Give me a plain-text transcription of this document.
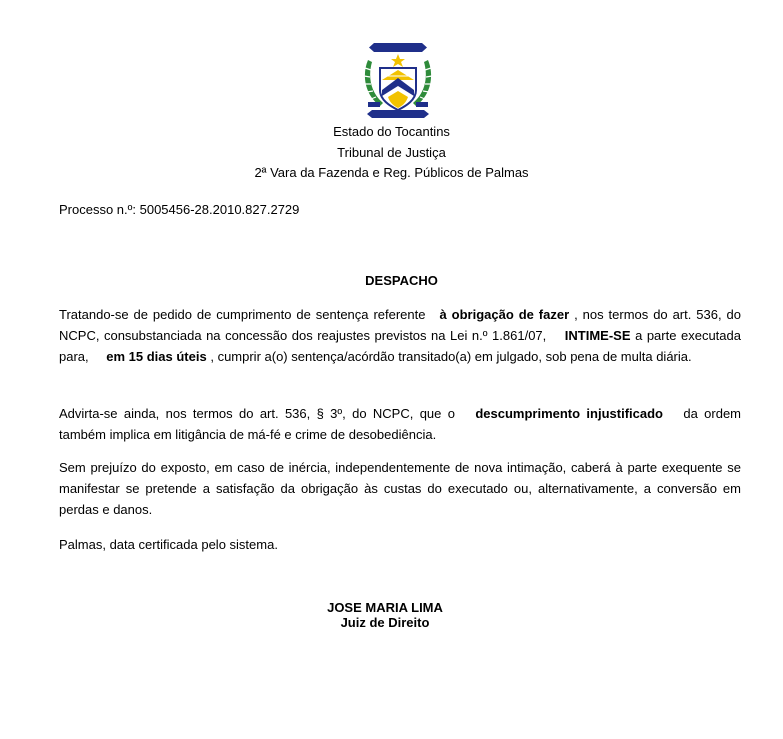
Estado do Tocantins
Tribunal de Justiça
2ª Vara da Fazenda e Reg. Públicos de Palmas
Processo n.º: 5005456-28.2010.827.2729
DESPACHO

Tratando-se de pedido de cumprimento de sentença referente à obrigação de fazer , nos termos do art. 536, do NCPC, consubstanciada na concessão dos reajustes previstos na Lei n.º 1.861/07, INTIME-SE a parte executada para, em 15 dias úteis , cumprir a(o) sentença/acórdão transitado(a) em julgado, sob pena de multa diária.

Advirta-se ainda, nos termos do art. 536, § 3º, do NCPC, que o descumprimento injustificado da ordem também implica em litigância de má-fé e crime de desobediência.

Sem prejuízo do exposto, em caso de inércia, independentemente de nova intimação, caberá à parte exequente se manifestar se pretende a satisfação da obrigação às custas do executado ou, alternativamente, a conversão em perdas e danos.

Palmas, data certificada pelo sistema.

JOSE MARIA LIMA
Juiz de Direito
